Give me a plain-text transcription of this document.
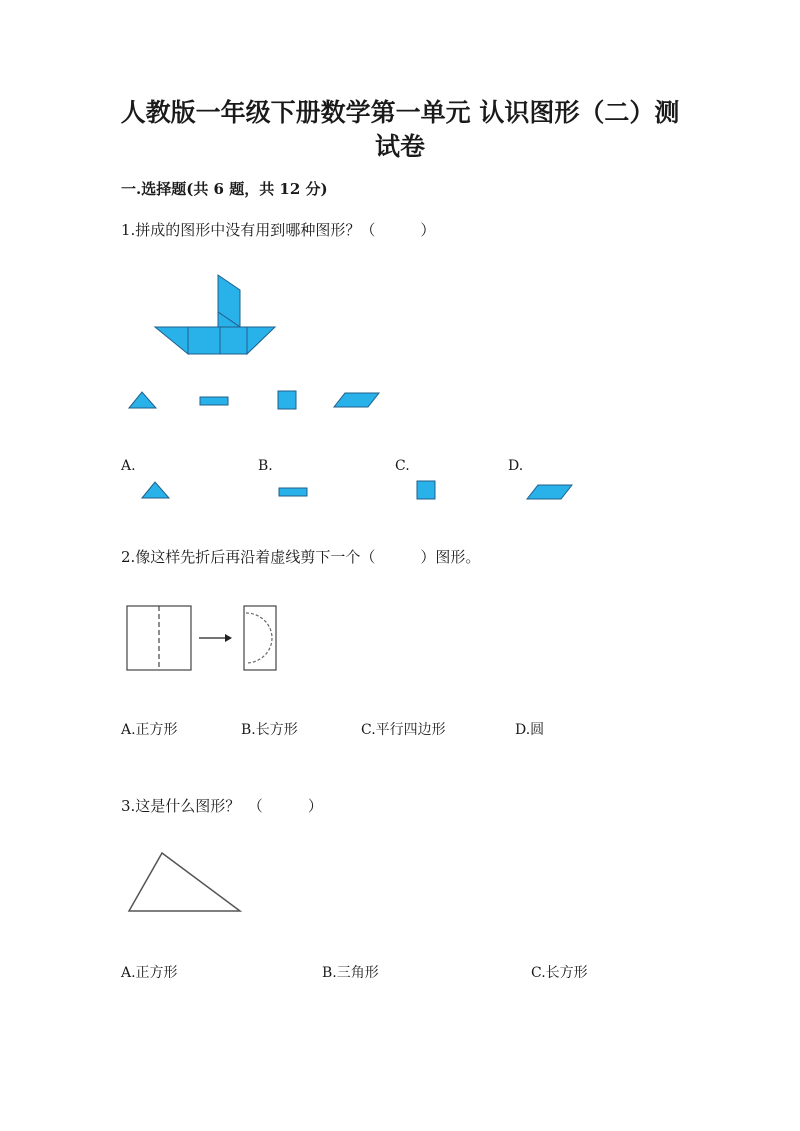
人教版一年级下册数学第一单元 认识图形（二）测
试卷
一.选择题(共 6 题，共 12 分)
1.拼成的图形中没有用到哪种图形？（　　　）
A.	B.	C.	D.
2.像这样先折后再沿着虚线剪下一个（　　　）图形。
A.正方形	B.长方形	C.平行四边形	D.圆
3.这是什么图形？　（　　　）
A.正方形	B.三角形	C.长方形
